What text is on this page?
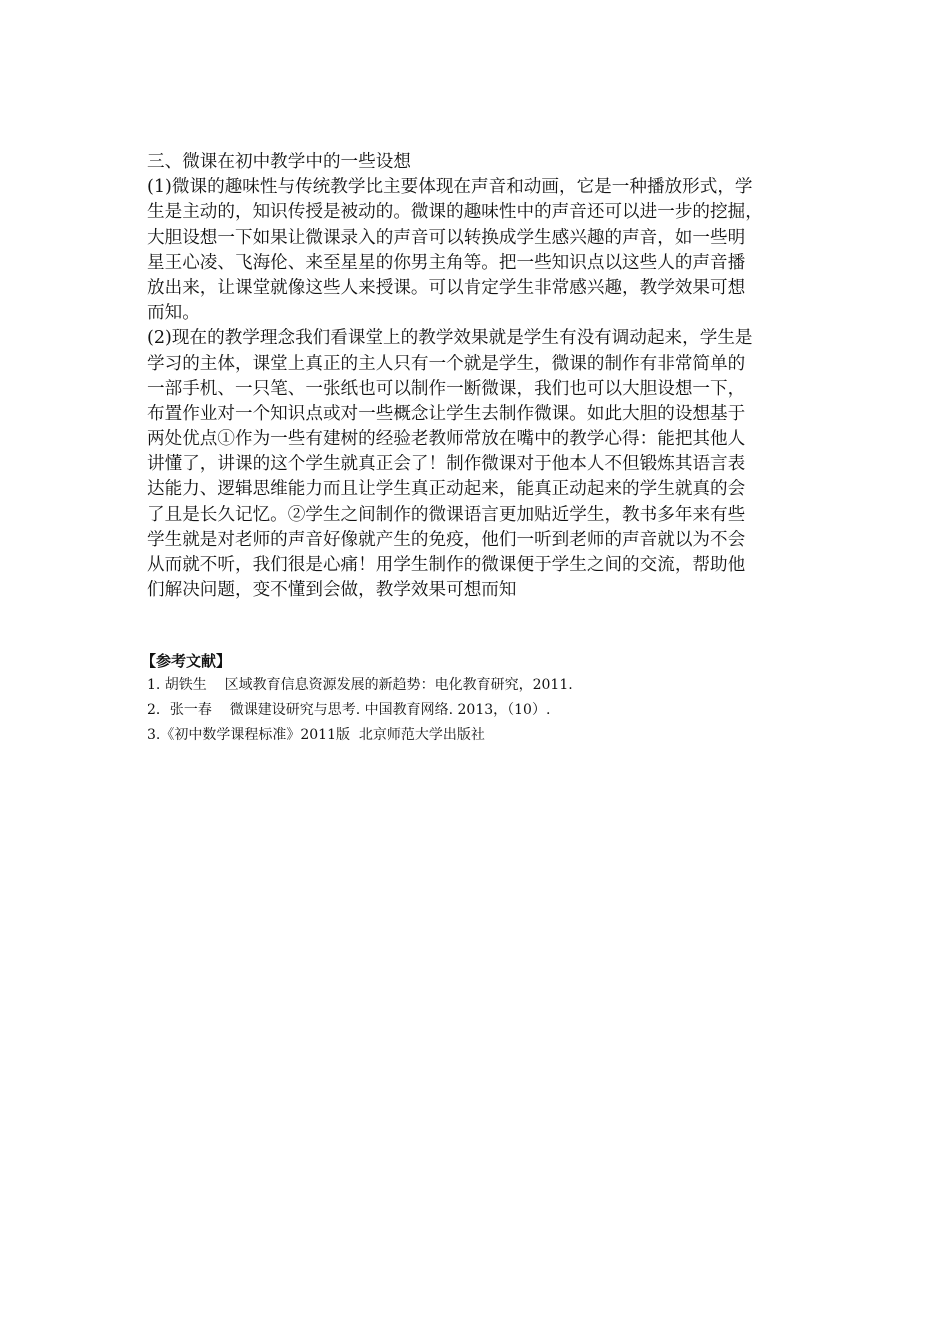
三、微课在初中教学中的一些设想
(1)微课的趣味性与传统教学比主要体现在声音和动画，它是一种播放形式，学
生是主动的，知识传授是被动的。微课的趣味性中的声音还可以进一步的挖掘，
大胆设想一下如果让微课录入的声音可以转换成学生感兴趣的声音，如一些明
星王心凌、飞海伦、来至星星的你男主角等。把一些知识点以这些人的声音播
放出来，让课堂就像这些人来授课。可以肯定学生非常感兴趣，教学效果可想
而知。
(2)现在的教学理念我们看课堂上的教学效果就是学生有没有调动起来，学生是
学习的主体，课堂上真正的主人只有一个就是学生，微课的制作有非常简单的
一部手机、一只笔、一张纸也可以制作一断微课，我们也可以大胆设想一下，
布置作业对一个知识点或对一些概念让学生去制作微课。如此大胆的设想基于
两处优点①作为一些有建树的经验老教师常放在嘴中的教学心得：能把其他人
讲懂了，讲课的这个学生就真正会了！制作微课对于他本人不但锻炼其语言表
达能力、逻辑思维能力而且让学生真正动起来，能真正动起来的学生就真的会
了且是长久记忆。②学生之间制作的微课语言更加贴近学生，教书多年来有些
学生就是对老师的声音好像就产生的免疫，他们一听到老师的声音就以为不会
从而就不听，我们很是心痛！用学生制作的微课便于学生之间的交流，帮助他
们解决问题，变不懂到会做，教学效果可想而知
【参考文献】
1. 胡铁生    区域教育信息资源发展的新趋势：电化教育研究，2011.
2．张一春    微课建设研究与思考. 中国教育网络. 2013，（10）.
3.《初中数学课程标准》2011版  北京师范大学出版社
